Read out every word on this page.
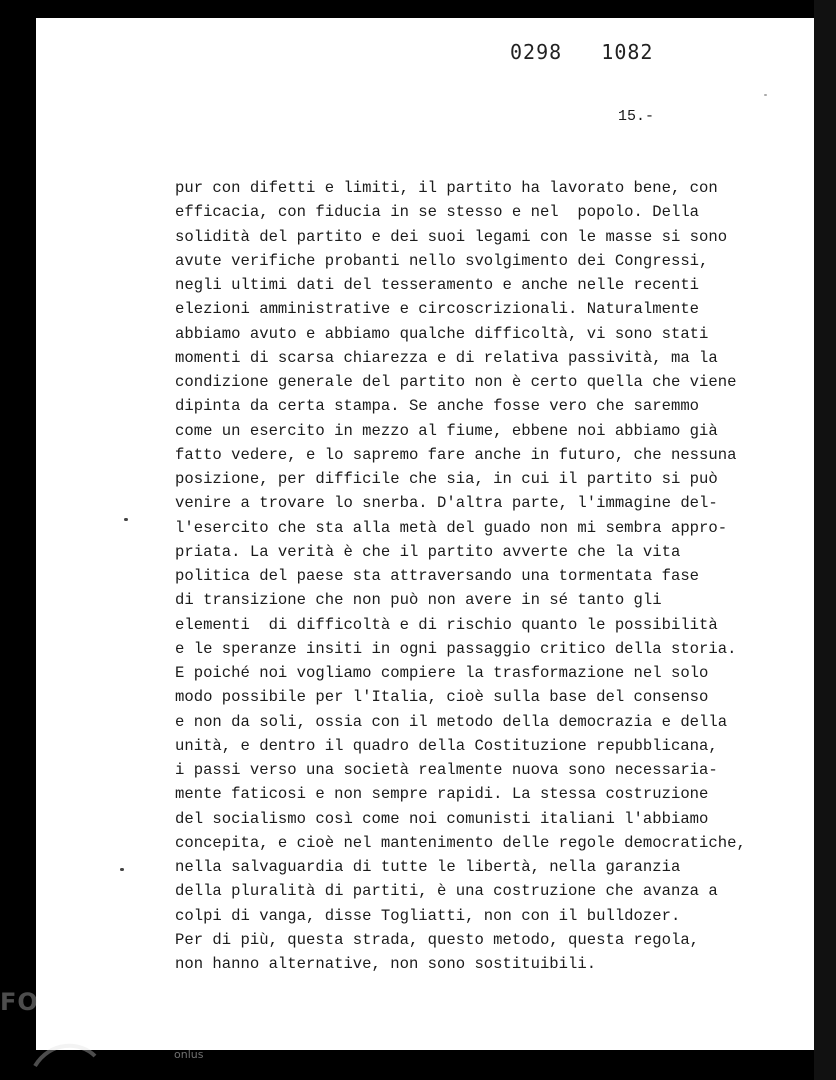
0298   1082
15.-
pur con difetti e limiti, il partito ha lavorato bene, con
efficacia, con fiducia in se stesso e nel  popolo. Della
solidità del partito e dei suoi legami con le masse si sono
avute verifiche probanti nello svolgimento dei Congressi,
negli ultimi dati del tesseramento e anche nelle recenti
elezioni amministrative e circoscrizionali. Naturalmente
abbiamo avuto e abbiamo qualche difficoltà, vi sono stati
momenti di scarsa chiarezza e di relativa passività, ma la
condizione generale del partito non è certo quella che viene
dipinta da certa stampa. Se anche fosse vero che saremmo
come un esercito in mezzo al fiume, ebbene noi abbiamo già
fatto vedere, e lo sapremo fare anche in futuro, che nessuna
posizione, per difficile che sia, in cui il partito si può
venire a trovare lo snerba. D'altra parte, l'immagine del-
l'esercito che sta alla metà del guado non mi sembra appro-
priata. La verità è che il partito avverte che la vita
politica del paese sta attraversando una tormentata fase
di transizione che non può non avere in sé tanto gli
elementi  di difficoltà e di rischio quanto le possibilità
e le speranze insiti in ogni passaggio critico della storia.
E poiché noi vogliamo compiere la trasformazione nel solo
modo possibile per l'Italia, cioè sulla base del consenso
e non da soli, ossia con il metodo della democrazia e della
unità, e dentro il quadro della Costituzione repubblicana,
i passi verso una società realmente nuova sono necessaria-
mente faticosi e non sempre rapidi. La stessa costruzione
del socialismo così come noi comunisti italiani l'abbiamo
concepita, e cioè nel mantenimento delle regole democratiche,
nella salvaguardia di tutte le libertà, nella garanzia
della pluralità di partiti, è una costruzione che avanza a
colpi di vanga, disse Togliatti, non con il bulldozer.
Per di più, questa strada, questo metodo, questa regola,
non hanno alternative, non sono sostituibili.
FO
onlus
